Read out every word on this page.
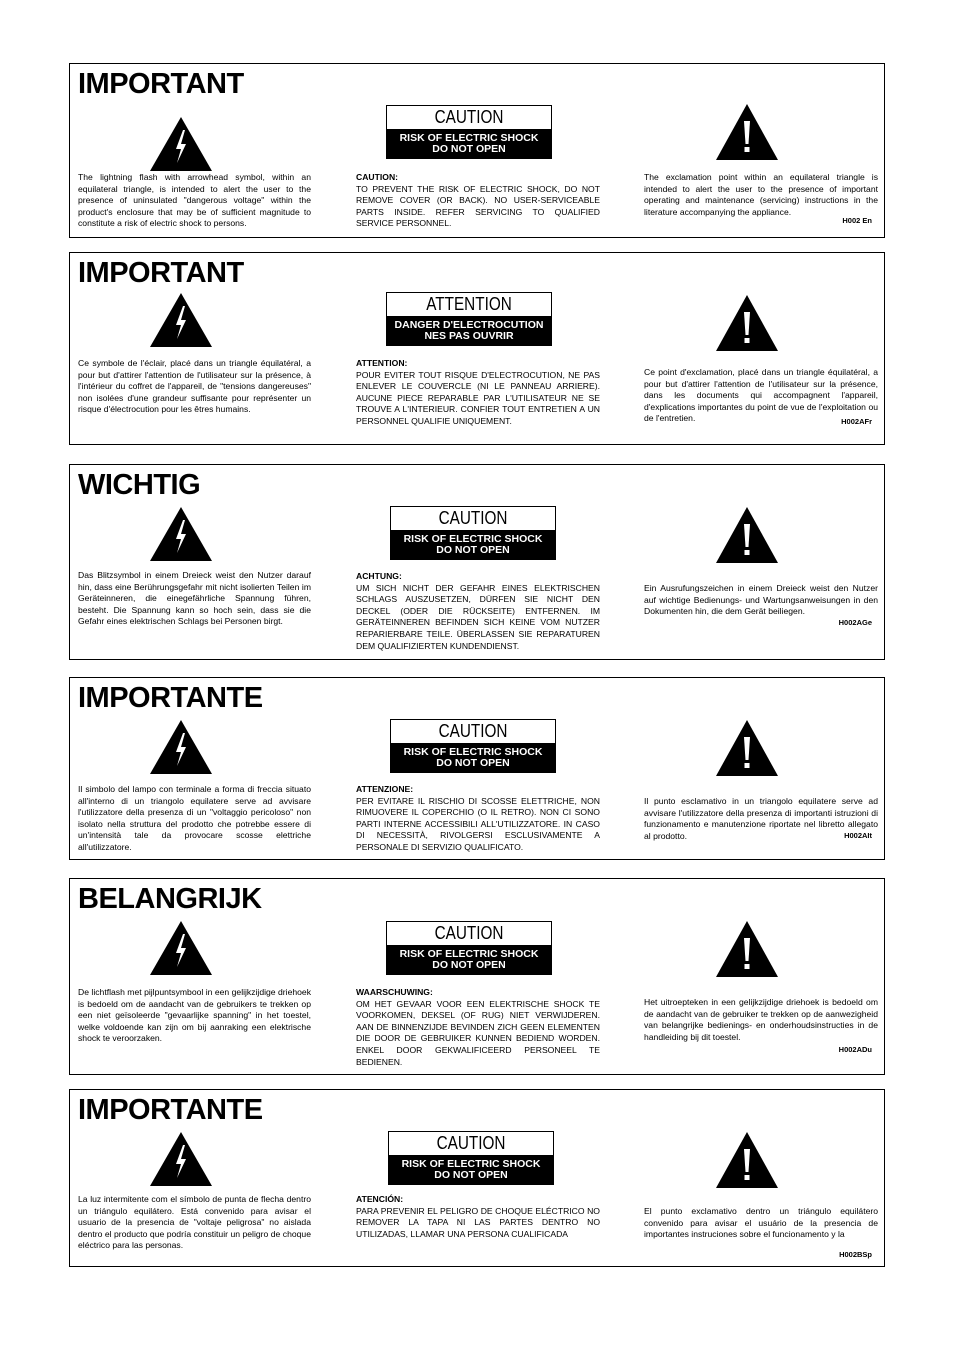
IMPORTANT
CAUTION
RISK OF ELECTRIC SHOCK
DO NOT OPEN
The lightning flash with arrowhead symbol, within an equilateral triangle, is intended to alert the user to the presence of uninsulated "dangerous voltage" within the product's enclosure that may be of sufficient magnitude to constitute a risk of electric shock to persons.
CAUTION:
TO PREVENT THE RISK OF ELECTRIC SHOCK, DO NOT REMOVE COVER (OR BACK). NO USER-SERVICEABLE PARTS INSIDE. REFER SERVICING TO QUALIFIED SERVICE PERSONNEL.
The exclamation point within an equilateral triangle is intended to alert the user to the presence of important operating and maintenance (servicing) instructions in the literature accompanying the appliance.
H002 En
IMPORTANT
ATTENTION
DANGER D'ELECTROCUTION
NES PAS OUVRIR
Ce symbole de l'éclair, placé dans un triangle équilatéral, a pour but d'attirer l'attention de l'utilisateur sur la présence, à l'intérieur du coffret de l'appareil, de "tensions dangereuses" non isolées d'une grandeur suffisante pour représenter un risque d'électrocution pour les êtres humains.
ATTENTION:
POUR EVITER TOUT RISQUE D'ELECTROCUTION, NE PAS ENLEVER LE COUVERCLE (NI LE PANNEAU ARRIERE). AUCUNE PIECE REPARABLE PAR L'UTILISATEUR NE SE TROUVE A L'INTERIEUR. CONFIER TOUT ENTRETIEN A UN PERSONNEL QUALIFIE UNIQUEMENT.
Ce point d'exclamation, placé dans un triangle équilatéral, a pour but d'attirer l'attention de l'utilisateur sur la présence, dans les documents qui accompagnent l'appareil, d'explications importantes du point de vue de l'exploitation ou de l'entretien.	H002AFr
WICHTIG
CAUTION
RISK OF ELECTRIC SHOCK
DO NOT OPEN
Das Blitzsymbol in einem Dreieck weist den Nutzer darauf hin, dass eine Berührungsgefahr mit nicht isolierten Teilen im Geräteinneren, die einegefährliche Spannung führen, besteht. Die Spannung kann so hoch sein, dass sie die Gefahr eines elektrischen Schlags bei Personen birgt.
ACHTUNG:
UM SICH NICHT DER GEFAHR EINES ELEKTRISCHEN SCHLAGS AUSZUSETZEN, DÜRFEN SIE NICHT DEN DECKEL (ODER DIE RÜCKSEITE) ENTFERNEN. IM GERÄTEINNEREN BEFINDEN SICH KEINE VOM NUTZER REPARIERBARE TEILE. ÜBERLASSEN SIE REPARATUREN DEM QUALIFIZIERTEN KUNDENDIENST.
Ein Ausrufungszeichen in einem Dreieck weist den Nutzer auf wichtige Bedienungs- und Wartungsanweisungen in den Dokumenten hin, die dem Gerät beiliegen.
H002AGe
IMPORTANTE
CAUTION
RISK OF ELECTRIC SHOCK
DO NOT OPEN
Il simbolo del lampo con terminale a forma di freccia situato all'interno di un triangolo equilatere serve ad avvisare l'utilizzatore della presenza di un "voltaggio pericoloso" non isolato nella struttura del prodotto che potrebbe essere di un'intensità tale da provocare scosse elettriche all'utilizzatore.
ATTENZIONE:
PER EVITARE IL RISCHIO DI SCOSSE ELETTRICHE, NON RIMUOVERE IL COPERCHIO (O IL RETRO). NON CI SONO PARTI INTERNE ACCESSIBILI ALL'UTILIZZATORE. IN CASO DI NECESSITÀ, RIVOLGERSI ESCLUSIVAMENTE A PERSONALE DI SERVIZIO QUALIFICATO.
Il punto esclamativo in un triangolo equilatere serve ad avvisare l'utilizzatore della presenza di importanti istruzioni di funzionamento e manutenzione riportate nel libretto allegato al prodotto.	H002AIt
BELANGRIJK
CAUTION
RISK OF ELECTRIC SHOCK
DO NOT OPEN
De lichtflash met pijlpuntsymbool in een gelijkzijdige driehoek is bedoeld om de aandacht van de gebruikers te trekken op een niet geïsoleerde "gevaarlijke spanning" in het toestel, welke voldoende kan zijn om bij aanraking een elektrische shock te veroorzaken.
WAARSCHUWING:
OM HET GEVAAR VOOR EEN ELEKTRISCHE SHOCK TE VOORKOMEN, DEKSEL (OF RUG) NIET VERWIJDEREN. AAN DE BINNENZIJDE BEVINDEN ZICH GEEN ELEMENTEN DIE DOOR DE GEBRUIKER KUNNEN BEDIEND WORDEN. ENKEL DOOR GEKWALIFICEERD PERSONEEL TE BEDIENEN.
Het uitroepteken in een gelijkzijdige driehoek is bedoeld om de aandacht van de gebruiker te trekken op de aanwezigheid van belangrijke bedienings- en onderhoudsinstructies in de handleiding bij dit toestel.
H002ADu
IMPORTANTE
CAUTION
RISK OF ELECTRIC SHOCK
DO NOT OPEN
La luz intermitente com el símbolo de punta de flecha dentro un triángulo equilátero. Está convenido para avisar el usuario de la presencia de "voltaje peligrosa" no aislada dentro el producto que podría constituir un peligro de choque eléctrico para las personas.
ATENCIÓN:
PARA PREVENIR EL PELIGRO DE CHOQUE ELÉCTRICO NO REMOVER LA TAPA NI LAS PARTES DENTRO NO UTILIZADAS, LLAMAR UNA PERSONA CUALIFICADA
El punto exclamativo dentro un triángulo equilátero convenido para avisar el usuário de la presencia de importantes instruciones sobre el funcionamento y la
H002BSp
